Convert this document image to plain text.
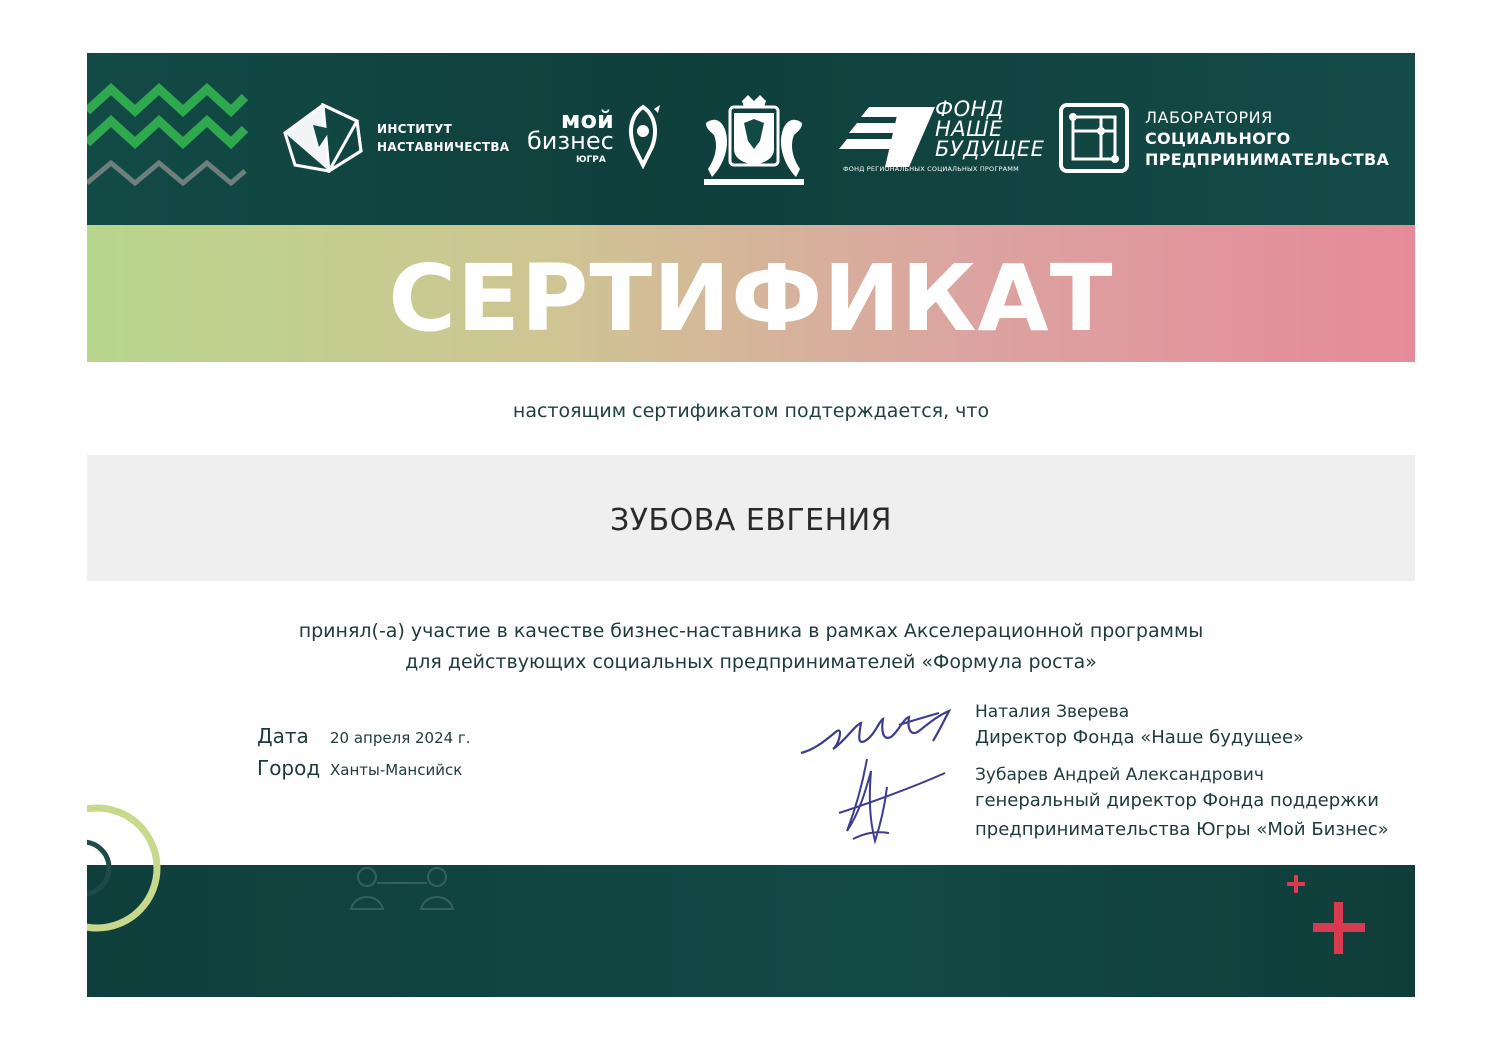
ИНСТИТУТ
НАСТАВНИЧЕСТВА
мой
бизнес
ЮГРА
ФОНД
НАШЕ
БУДУЩЕЕ
ФОНД РЕГИОНАЛЬНЫХ СОЦИАЛЬНЫХ ПРОГРАММ
ЛАБОРАТОРИЯ
СОЦИАЛЬНОГО
ПРЕДПРИНИМАТЕЛЬСТВА
СЕРТИФИКАТ
настоящим сертификатом подтерждается, что
ЗУБОВА ЕВГЕНИЯ
принял(-а) участие в качестве бизнес-наставника в рамках Акселерационной программы
для действующих социальных предпринимателей «Формула роста»
Дата	20 апреля 2024 г.
Город Ханты-Мансийск
Наталия Зверева
Директор Фонда «Наше будущее»
Зубарев Андрей Александрович
генеральный директор Фонда поддержки
предпринимательства Югры «Мой Бизнес»
